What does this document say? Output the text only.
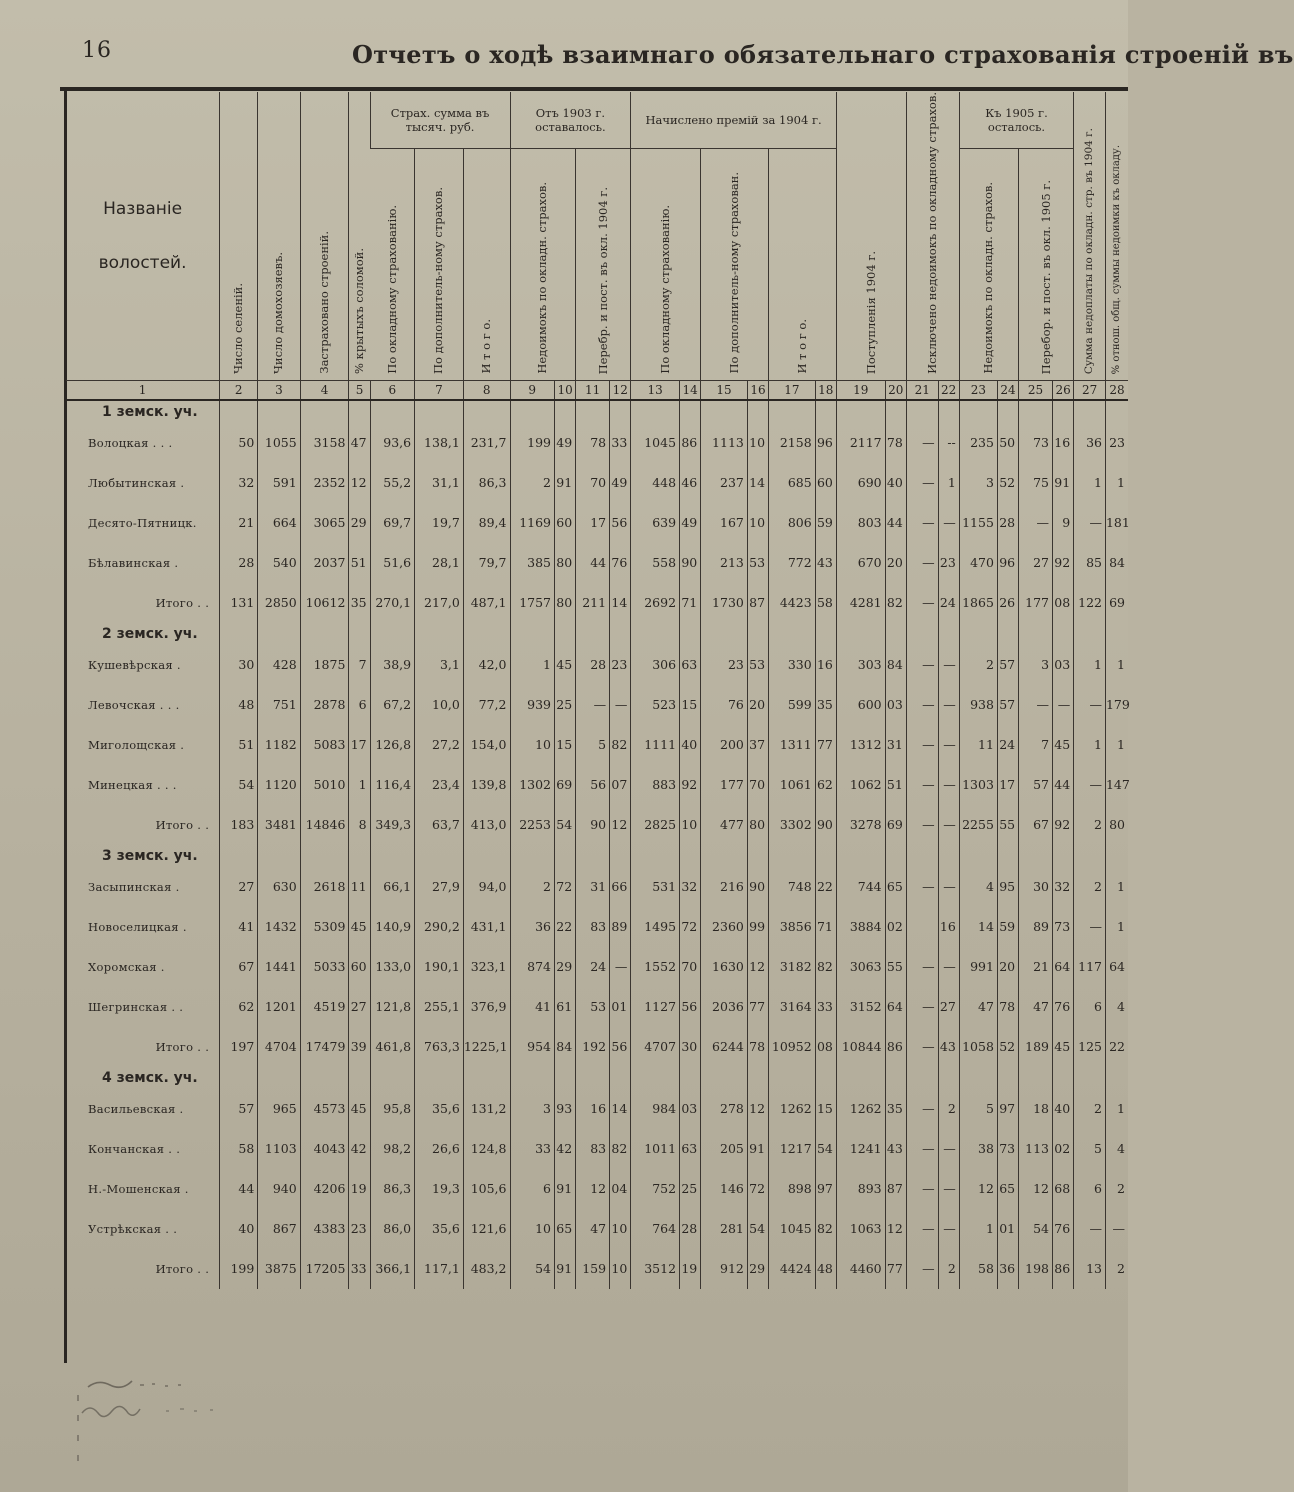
16	Отчетъ о ходѣ взаимнаго обязательнаго страхованія строеній въ
Названіе
волостей.	Число селеній.	Число домохозяевъ.	Застраховано строеній.	% крытыхъ соломой.	Страх. сумма въ тысяч. руб.			Отъ 1903 г. оставалось.				Начислено премій за 1904 г.						Поступленія 1904 г.		Исключено недоимокъ по окладному страхов.		Къ 1905 г. осталось.				Сумма недоплаты по окладн. стр. въ 1904 г.	% отнош. общ. суммы недоимки къ окладу.

					По окладному страхованію.	По дополнитель-ному страхов.	И т о г о.	Недоимокъ по окладн. страхов.		Пеpeбр. и пост. въ окл. 1904 г.		По окладному страхованію.		По дополнитель-ному страхован.		И т о г о.						Недоимокъ по окладн. страхов.		Перебор. и пост. въ окл. 1905 г.			

1	2	3	4	5	6	7	8	9	10	11	12	13	14	15	16	17	18	19	20	21	22	23	24	25	26	27	28
1 земск. уч.																											
Волоцкая . . .	50	1055	3158	47	93,6	138,1	231,7	199	49	78	33	1045	86	1113	10	2158	96	2117	78	—	--	235	50	73	16	36	23
Любытинская .	32	591	2352	12	55,2	31,1	86,3	2	91	70	49	448	46	237	14	685	60	690	40	—	1	3	52	75	91	1	1
Десято-Пятницк.	21	664	3065	29	69,7	19,7	89,4	1169	60	17	56	639	49	167	10	806	59	803	44	—	—	1155	28	—	9	—	181
Бѣлавинская .	28	540	2037	51	51,6	28,1	79,7	385	80	44	76	558	90	213	53	772	43	670	20	—	23	470	96	27	92	85	84
Итого . .	131	2850	10612	35	270,1	217,0	487,1	1757	80	211	14	2692	71	1730	87	4423	58	4281	82	—	24	1865	26	177	08	122	69
2 земск. уч.																											
Кушевѣрская .	30	428	1875	7	38,9	3,1	42,0	1	45	28	23	306	63	23	53	330	16	303	84	—	—	2	57	3	03	1	1
Левочская . . .	48	751	2878	6	67,2	10,0	77,2	939	25	—	—	523	15	76	20	599	35	600	03	—	—	938	57	—	—	—	179
Миголощская .	51	1182	5083	17	126,8	27,2	154,0	10	15	5	82	1111	40	200	37	1311	77	1312	31	—	—	11	24	7	45	1	1
Минецкая . . .	54	1120	5010	1	116,4	23,4	139,8	1302	69	56	07	883	92	177	70	1061	62	1062	51	—	—	1303	17	57	44	—	147
Итого . .	183	3481	14846	8	349,3	63,7	413,0	2253	54	90	12	2825	10	477	80	3302	90	3278	69	—	—	2255	55	67	92	2	80
3 земск. уч.																											
Засыпинская .	27	630	2618	11	66,1	27,9	94,0	2	72	31	66	531	32	216	90	748	22	744	65	—	—	4	95	30	32	2	1
Новоселицкая .	41	1432	5309	45	140,9	290,2	431,1	36	22	83	89	1495	72	2360	99	3856	71	3884	02		16	14	59	89	73	—	1
Хоромская .	67	1441	5033	60	133,0	190,1	323,1	874	29	24	—	1552	70	1630	12	3182	82	3063	55	—	—	991	20	21	64	117	64
Шегринская . .	62	1201	4519	27	121,8	255,1	376,9	41	61	53	01	1127	56	2036	77	3164	33	3152	64	—	27	47	78	47	76	6	4
Итого . .	197	4704	17479	39	461,8	763,3	1225,1	954	84	192	56	4707	30	6244	78	10952	08	10844	86	—	43	1058	52	189	45	125	22
4 земск. уч.																											
Васильевская .	57	965	4573	45	95,8	35,6	131,2	3	93	16	14	984	03	278	12	1262	15	1262	35	—	2	5	97	18	40	2	1
Кончанская . .	58	1103	4043	42	98,2	26,6	124,8	33	42	83	82	1011	63	205	91	1217	54	1241	43	—	—	38	73	113	02	5	4
Н.-Мошенская .	44	940	4206	19	86,3	19,3	105,6	6	91	12	04	752	25	146	72	898	97	893	87	—	—	12	65	12	68	6	2
Устрѣкская . .	40	867	4383	23	86,0	35,6	121,6	10	65	47	10	764	28	281	54	1045	82	1063	12	—	—	1	01	54	76	—	—
Итого . .	199	3875	17205	33	366,1	117,1	483,2	54	91	159	10	3512	19	912	29	4424	48	4460	77	—	2	58	36	198	86	13	2
